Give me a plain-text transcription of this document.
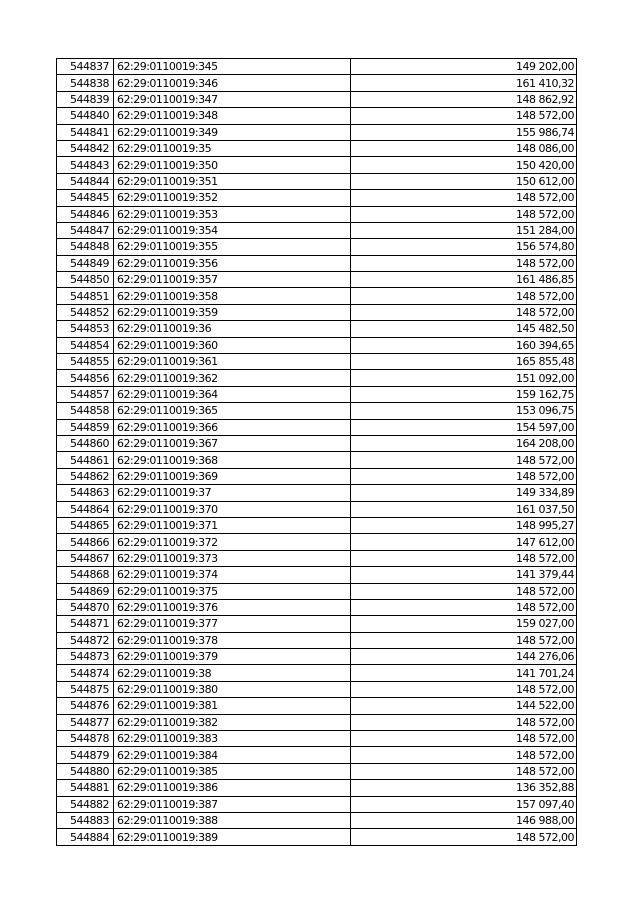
544837	62:29:0110019:345	149 202,00
544838	62:29:0110019:346	161 410,32
544839	62:29:0110019:347	148 862,92
544840	62:29:0110019:348	148 572,00
544841	62:29:0110019:349	155 986,74
544842	62:29:0110019:35	148 086,00
544843	62:29:0110019:350	150 420,00
544844	62:29:0110019:351	150 612,00
544845	62:29:0110019:352	148 572,00
544846	62:29:0110019:353	148 572,00
544847	62:29:0110019:354	151 284,00
544848	62:29:0110019:355	156 574,80
544849	62:29:0110019:356	148 572,00
544850	62:29:0110019:357	161 486,85
544851	62:29:0110019:358	148 572,00
544852	62:29:0110019:359	148 572,00
544853	62:29:0110019:36	145 482,50
544854	62:29:0110019:360	160 394,65
544855	62:29:0110019:361	165 855,48
544856	62:29:0110019:362	151 092,00
544857	62:29:0110019:364	159 162,75
544858	62:29:0110019:365	153 096,75
544859	62:29:0110019:366	154 597,00
544860	62:29:0110019:367	164 208,00
544861	62:29:0110019:368	148 572,00
544862	62:29:0110019:369	148 572,00
544863	62:29:0110019:37	149 334,89
544864	62:29:0110019:370	161 037,50
544865	62:29:0110019:371	148 995,27
544866	62:29:0110019:372	147 612,00
544867	62:29:0110019:373	148 572,00
544868	62:29:0110019:374	141 379,44
544869	62:29:0110019:375	148 572,00
544870	62:29:0110019:376	148 572,00
544871	62:29:0110019:377	159 027,00
544872	62:29:0110019:378	148 572,00
544873	62:29:0110019:379	144 276,06
544874	62:29:0110019:38	141 701,24
544875	62:29:0110019:380	148 572,00
544876	62:29:0110019:381	144 522,00
544877	62:29:0110019:382	148 572,00
544878	62:29:0110019:383	148 572,00
544879	62:29:0110019:384	148 572,00
544880	62:29:0110019:385	148 572,00
544881	62:29:0110019:386	136 352,88
544882	62:29:0110019:387	157 097,40
544883	62:29:0110019:388	146 988,00
544884	62:29:0110019:389	148 572,00
